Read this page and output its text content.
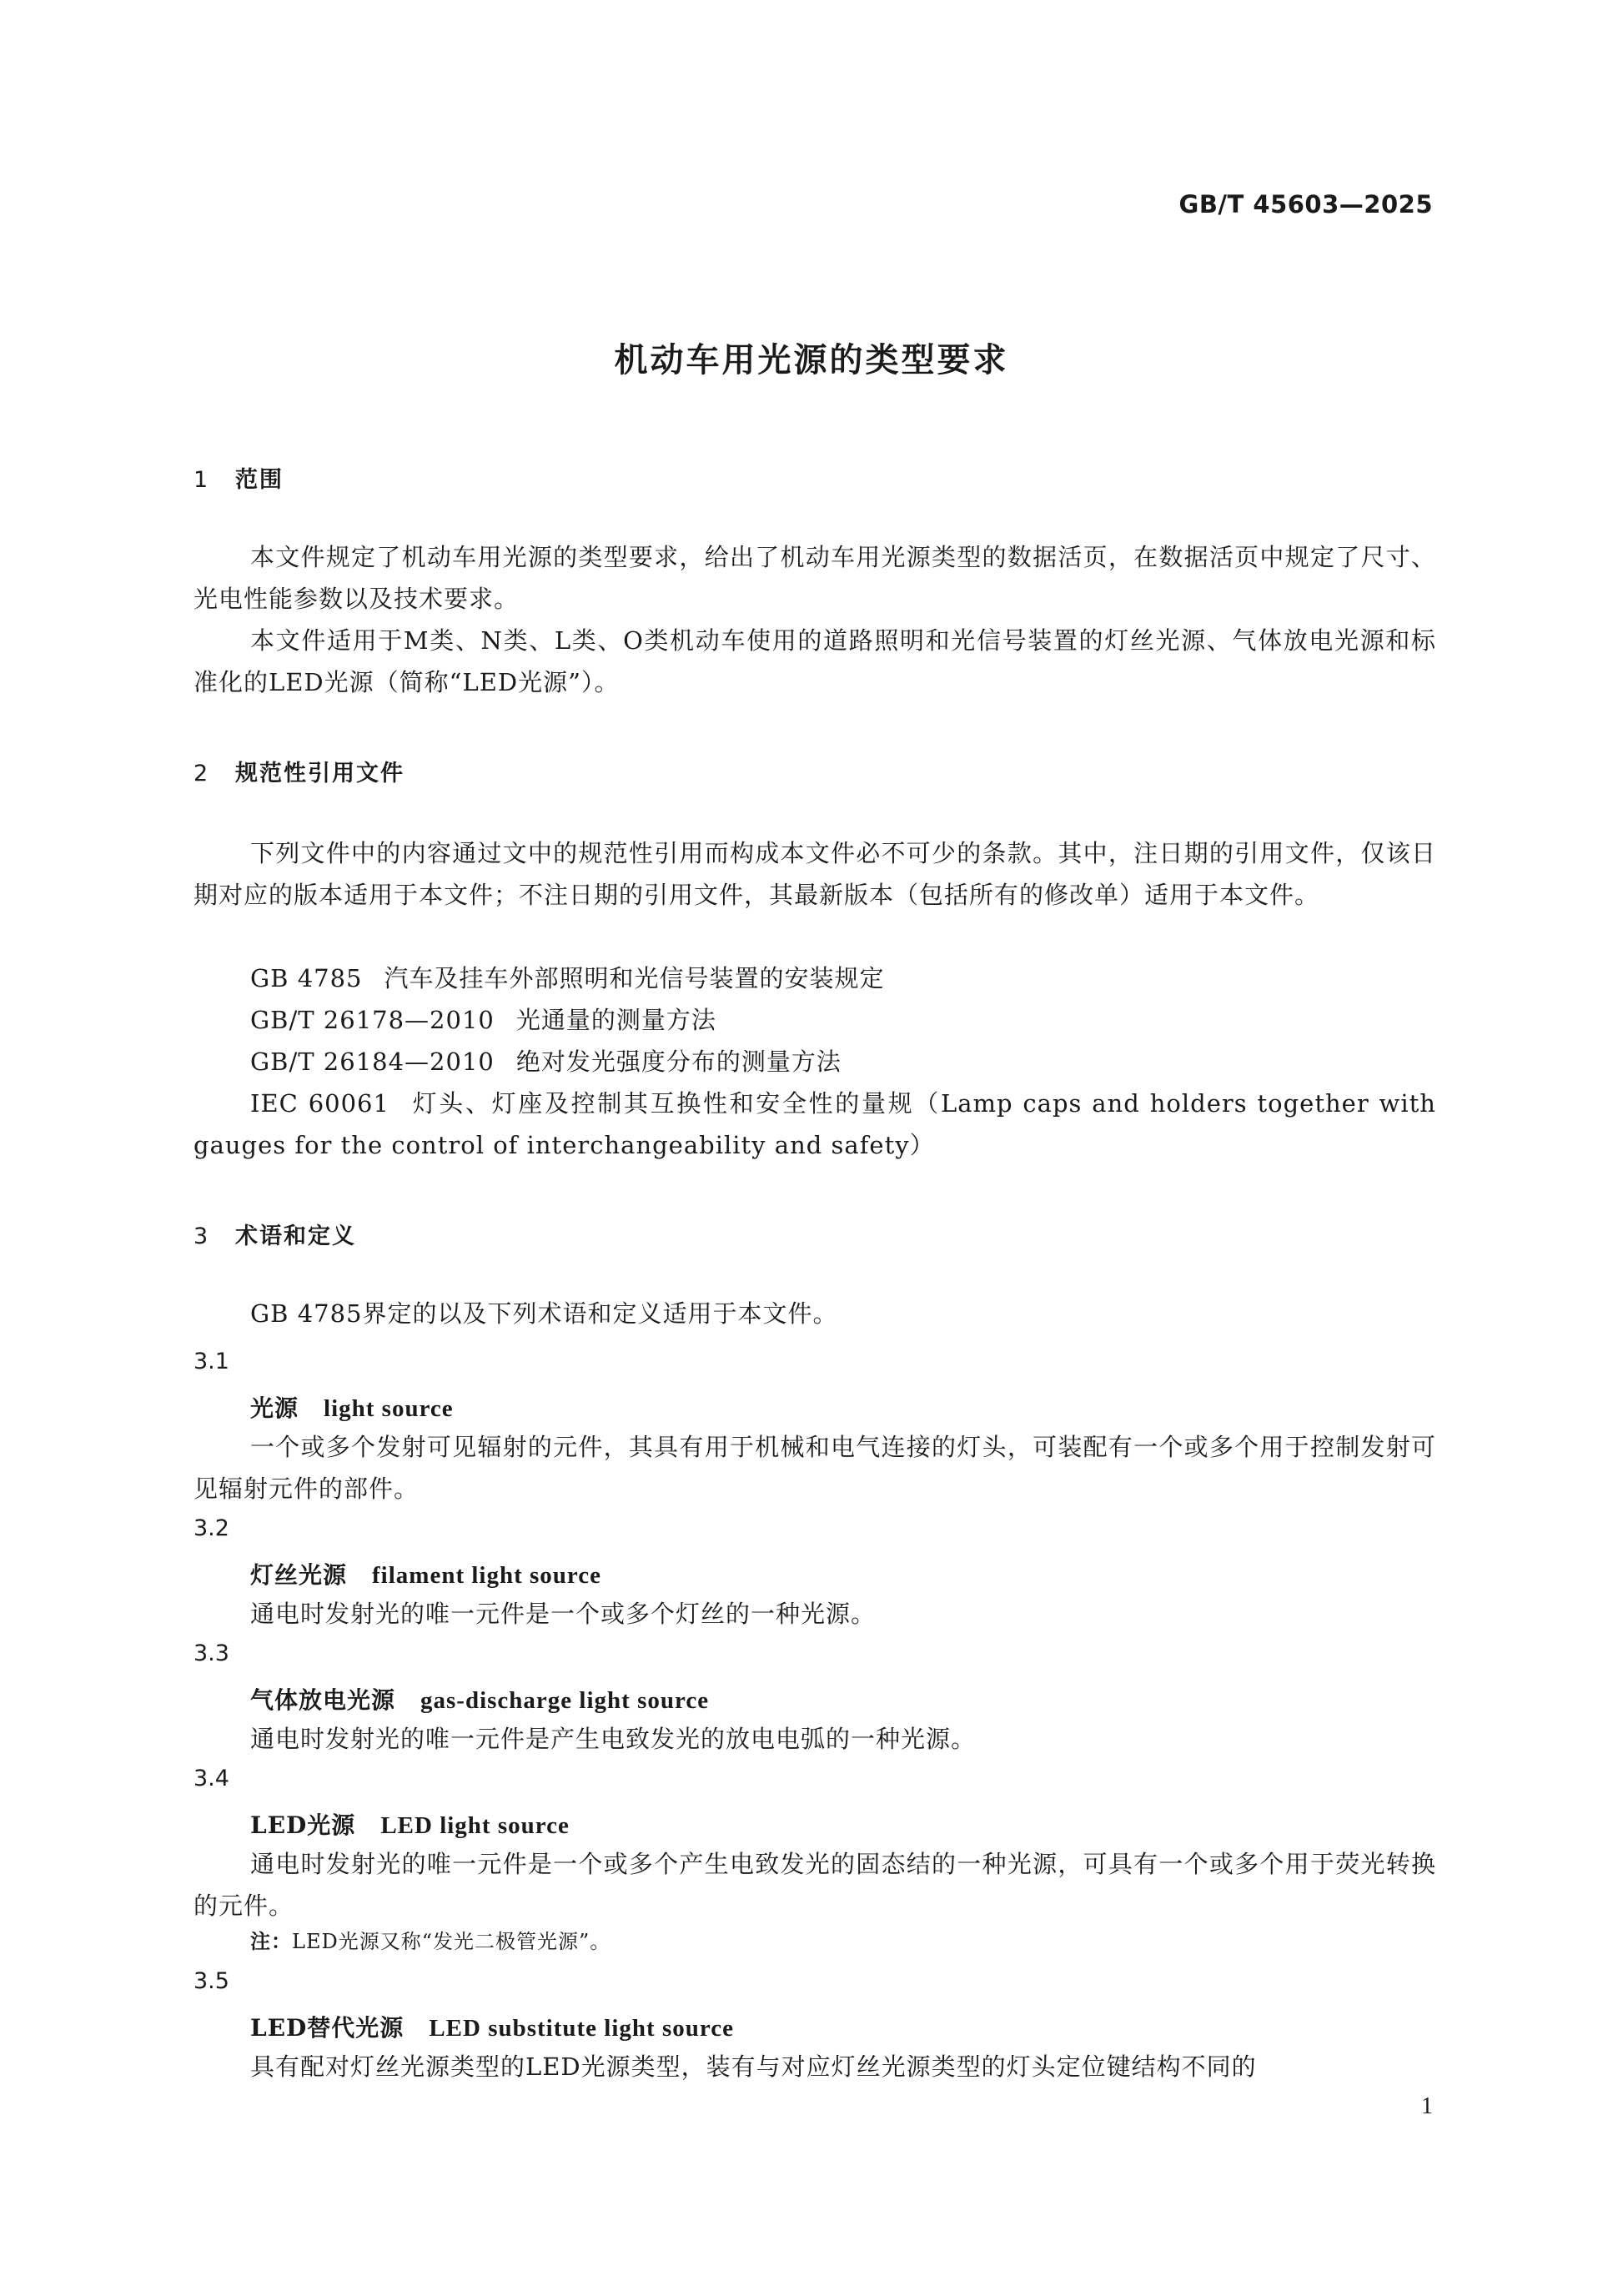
GB/T 45603—2025
机动车用光源的类型要求
1 范围
本文件规定了机动车用光源的类型要求，给出了机动车用光源类型的数据活页，在数据活页中规定了尺寸、光电性能参数以及技术要求。
本文件适用于M类、N类、L类、O类机动车使用的道路照明和光信号装置的灯丝光源、气体放电光源和标准化的LED光源（简称“LED光源”）。
2 规范性引用文件
下列文件中的内容通过文中的规范性引用而构成本文件必不可少的条款。其中，注日期的引用文件，仅该日期对应的版本适用于本文件；不注日期的引用文件，其最新版本（包括所有的修改单）适用于本文件。
GB 4785 汽车及挂车外部照明和光信号装置的安装规定
GB/T 26178—2010 光通量的测量方法
GB/T 26184—2010 绝对发光强度分布的测量方法
IEC 60061 灯头、灯座及控制其互换性和安全性的量规（Lamp caps and holders together with gauges for the control of interchangeability and safety）
3 术语和定义
GB 4785界定的以及下列术语和定义适用于本文件。
3.1
光源 light source
一个或多个发射可见辐射的元件，其具有用于机械和电气连接的灯头，可装配有一个或多个用于控制发射可见辐射元件的部件。
3.2
灯丝光源 filament light source
通电时发射光的唯一元件是一个或多个灯丝的一种光源。
3.3
气体放电光源 gas-discharge light source
通电时发射光的唯一元件是产生电致发光的放电电弧的一种光源。
3.4
LED光源 LED light source
通电时发射光的唯一元件是一个或多个产生电致发光的固态结的一种光源，可具有一个或多个用于荧光转换的元件。
注：LED光源又称“发光二极管光源”。
3.5
LED替代光源 LED substitute light source
具有配对灯丝光源类型的LED光源类型，装有与对应灯丝光源类型的灯头定位键结构不同的
1
